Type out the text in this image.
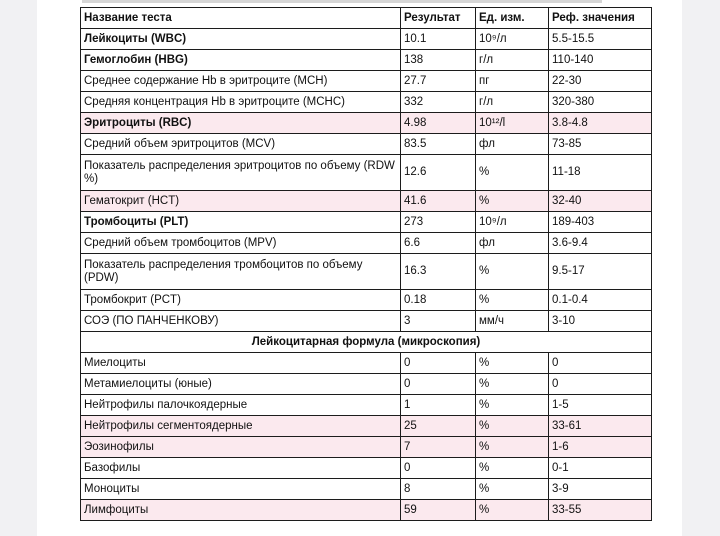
Название теста	Результат	Ед. изм.	Реф. значения
Лейкоциты (WBC)	10.1	10⁹/л	5.5-15.5
Гемоглобин (HBG)	138	г/л	110-140
Среднее содержание Hb в эритроците (MCH)	27.7	пг	22-30
Средняя концентрация Hb в эритроците (MCHC)	332	г/л	320-380
Эритроциты (RBC)	4.98	10¹²/l	3.8-4.8
Средний объем эритроцитов (MCV)	83.5	фл	73-85
Показатель распределения эритроцитов по объему (RDW %)	12.6	%	11-18
Гематокрит (HCT)	41.6	%	32-40
Тромбоциты (PLT)	273	10⁹/л	189-403
Средний объем тромбоцитов (MPV)	6.6	фл	3.6-9.4
Показатель распределения тромбоцитов по объему (PDW)	16.3	%	9.5-17
Тромбокрит (PCT)	0.18	%	0.1-0.4
СОЭ (ПО ПАНЧЕНКОВУ)	3	мм/ч	3-10
Лейкоцитарная формула (микроскопия)			
Миелоциты	0	%	0
Метамиелоциты (юные)	0	%	0
Нейтрофилы палочкоядерные	1	%	1-5
Нейтрофилы сегментоядерные	25	%	33-61
Эозинофилы	7	%	1-6
Базофилы	0	%	0-1
Моноциты	8	%	3-9
Лимфоциты	59	%	33-55
